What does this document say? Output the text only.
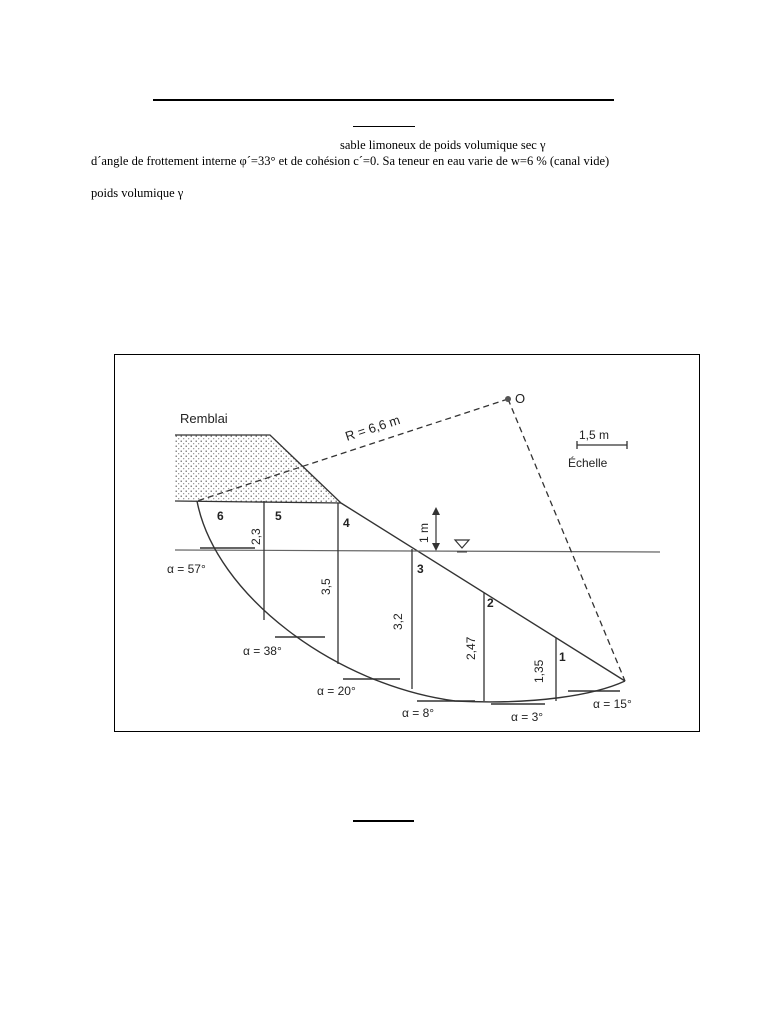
sable limoneux de poids volumique sec γ
d´angle de frottement interne φ´=33° et de cohésion c´=0. Sa teneur en eau varie de w=6 % (canal vide)
poids volumique γ
Remblai	R = 6,6 m
O
1,5 m
Échelle
1 m
6	5	4
3
2
1
2,3
3,5
3,2
2,47
1,35
α = 57°
α = 38°
α = 20°
α = 8°	α = 3°
α = 15°
